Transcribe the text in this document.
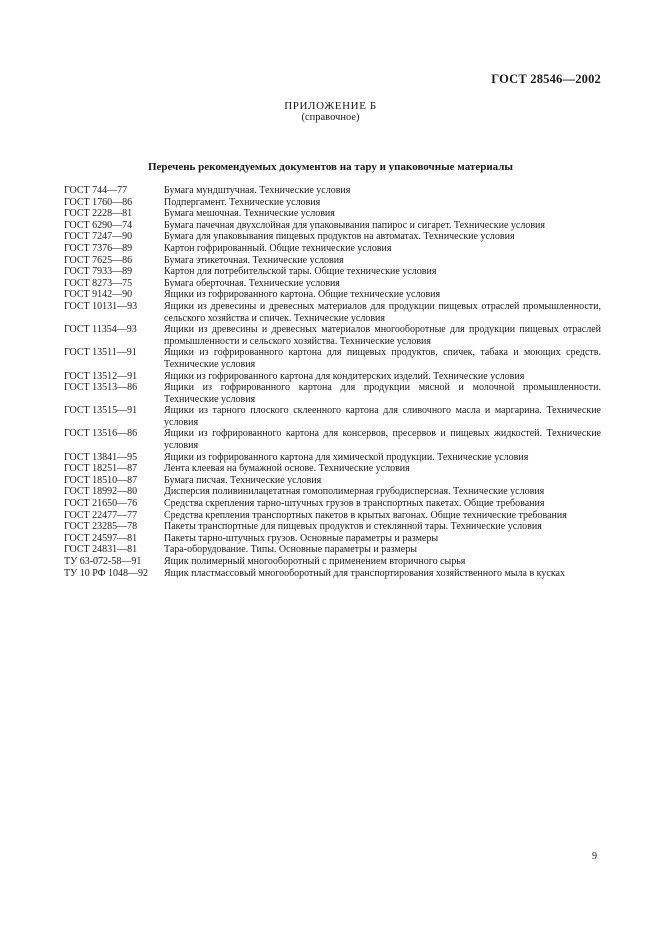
ГОСТ 28546—2002
ПРИЛОЖЕНИЕ Б
(справочное)
Перечень рекомендуемых документов на тару и упаковочные материалы
ГОСТ 744—77	Бумага мундштучная. Технические условия
ГОСТ 1760—86	Подпергамент. Технические условия
ГОСТ 2228—81	Бумага мешочная. Технические условия
ГОСТ 6290—74	Бумага пачечная двухслойная для упаковывания папирос и сигарет. Технические условия
ГОСТ 7247—90	Бумага для упаковывания пищевых продуктов на автоматах. Технические условия
ГОСТ 7376—89	Картон гофрированный. Общие технические условия
ГОСТ 7625—86	Бумага этикеточная. Технические условия
ГОСТ 7933—89	Картон для потребительской тары. Общие технические условия
ГОСТ 8273—75	Бумага оберточная. Технические условия
ГОСТ 9142—90	Ящики из гофрированного картона. Общие технические условия
ГОСТ 10131—93	Ящики из древесины и древесных материалов для продукции пищевых отраслей промышленности, сельского хозяйства и спичек. Технические условия
ГОСТ 11354—93	Ящики из древесины и древесных материалов многооборотные для продукции пищевых отраслей промышленности и сельского хозяйства. Технические условия
ГОСТ 13511—91	Ящики из гофрированного картона для пищевых продуктов, спичек, табака и моющих средств. Технические условия
ГОСТ 13512—91	Ящики из гофрированного картона для кондитерских изделий. Технические условия
ГОСТ 13513—86	Ящики из гофрированного картона для продукции мясной и молочной промышленности. Технические условия
ГОСТ 13515—91	Ящики из тарного плоского склеенного картона для сливочного масла и маргарина. Технические условия
ГОСТ 13516—86	Ящики из гофрированного картона для консервов, пресервов и пищевых жидкостей. Технические условия
ГОСТ 13841—95	Ящики из гофрированного картона для химической продукции. Технические условия
ГОСТ 18251—87	Лента клеевая на бумажной основе. Технические условия
ГОСТ 18510—87	Бумага писчая. Технические условия
ГОСТ 18992—80	Дисперсия поливинилацетатная гомополимерная грубодисперсная. Технические условия
ГОСТ 21650—76	Средства скрепления тарно-штучных грузов в транспортных пакетах. Общие требования
ГОСТ 22477—77	Средства крепления транспортных пакетов в крытых вагонах. Общие технические требования
ГОСТ 23285—78	Пакеты транспортные для пищевых продуктов и стеклянной тары. Технические условия
ГОСТ 24597—81	Пакеты тарно-штучных грузов. Основные параметры и размеры
ГОСТ 24831—81	Тара-оборудование. Типы. Основные параметры и размеры
ТУ 63-072-58—91	Ящик полимерный многооборотный с применением вторичного сырья
ТУ 10 РФ 1048—92	Ящик пластмассовый многооборотный для транспортирования хозяйственного мыла в кусках
9
